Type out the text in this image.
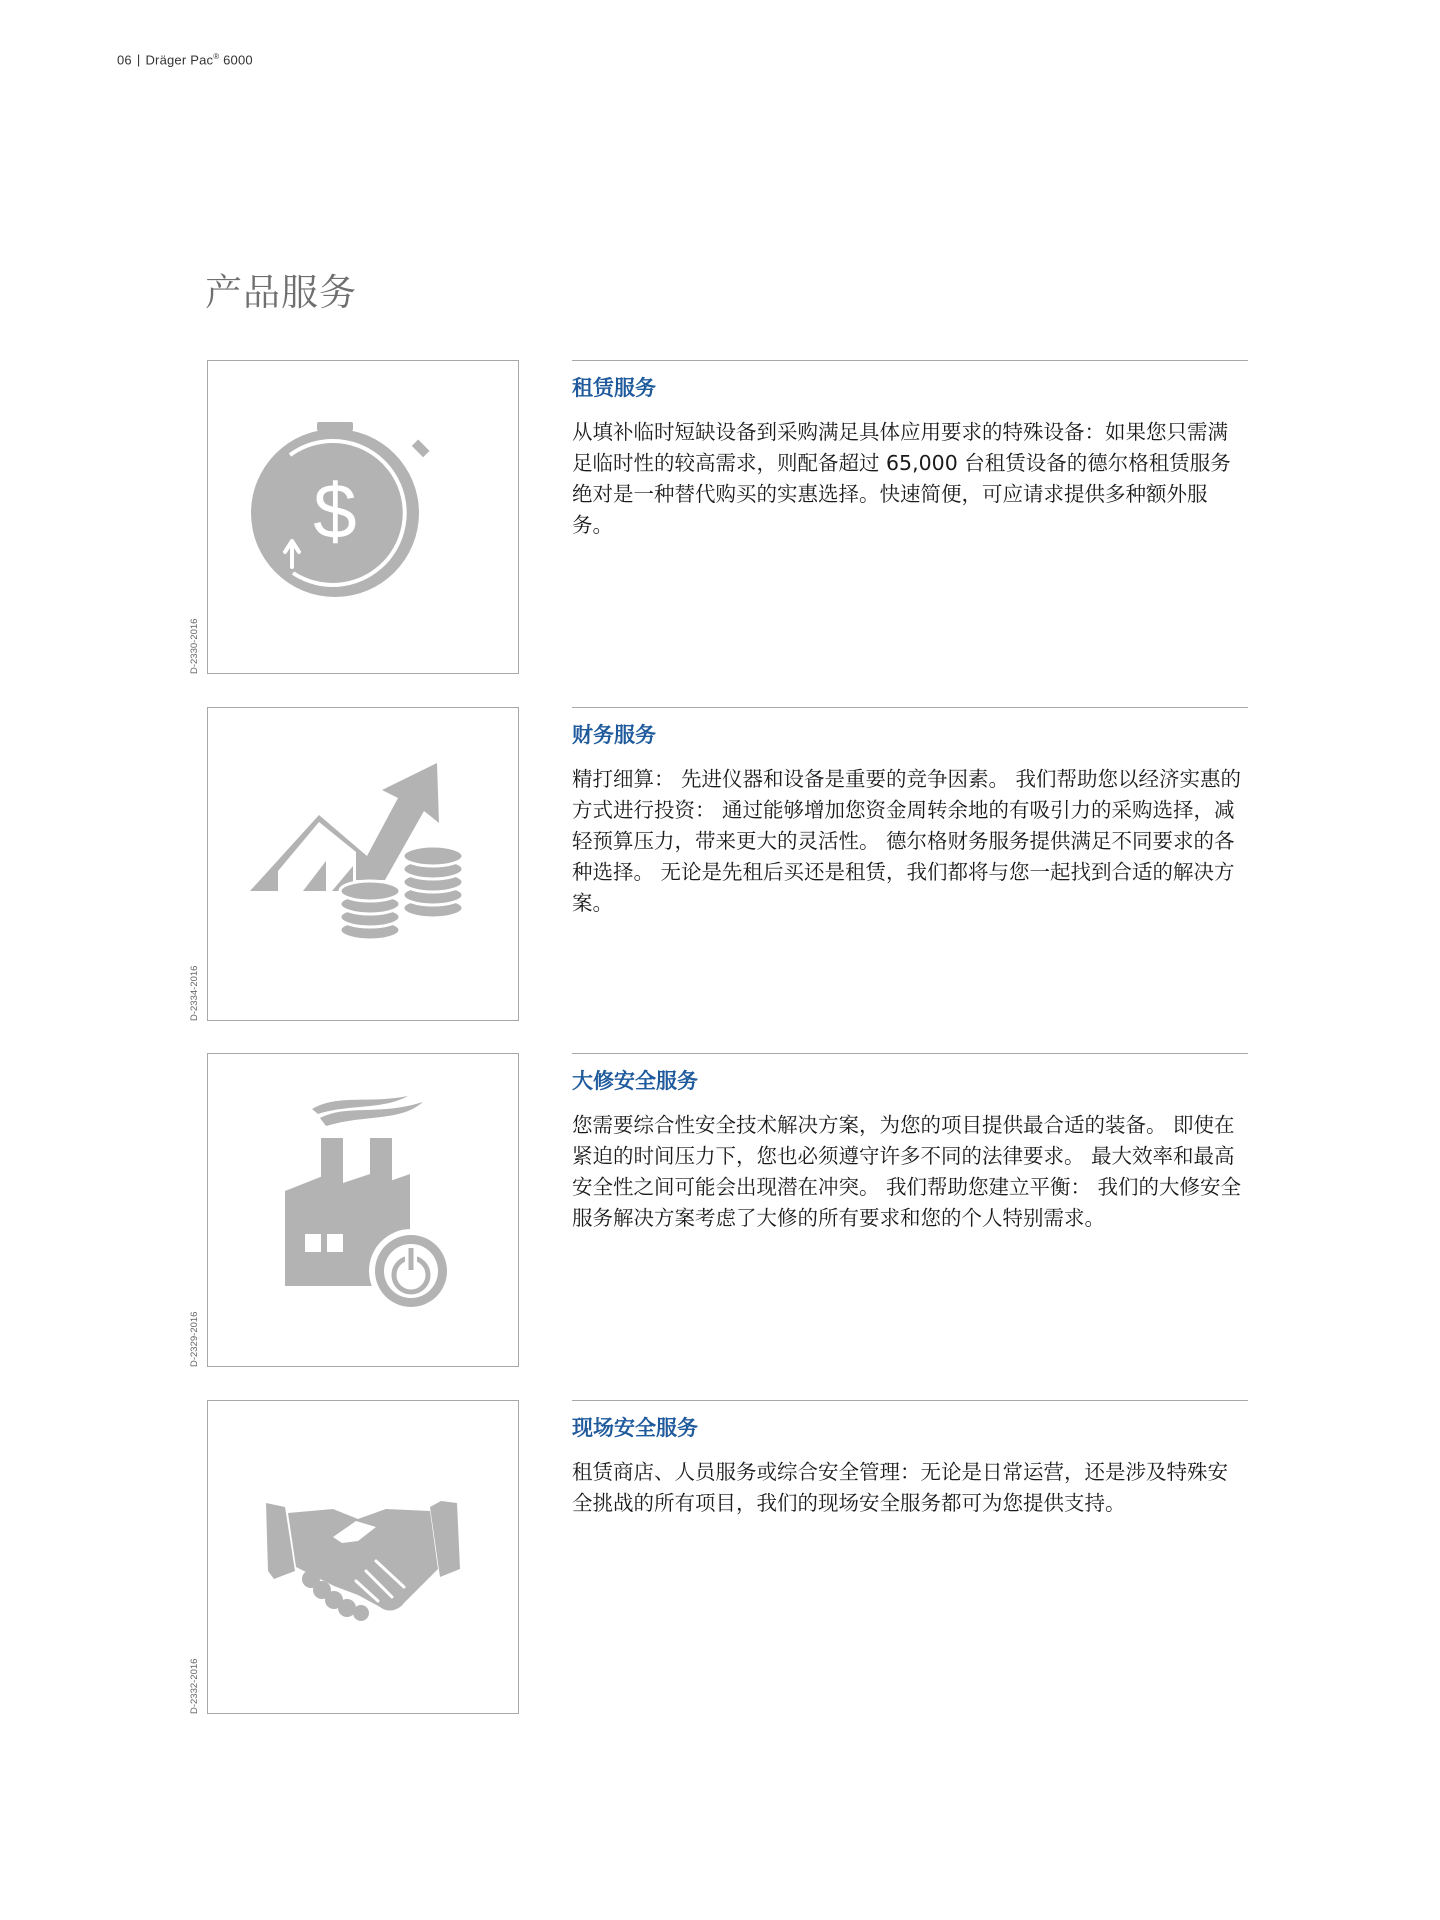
06 | Dräger Pac® 6000
产品服务
D-2330-2016
$
租赁服务

从填补临时短缺设备到采购满足具体应用要求的特殊设备：如果您只需满足临时性的较高需求，则配备超过 65,000 台租赁设备的德尔格租赁服务绝对是一种替代购买的实惠选择。快速简便，可应请求提供多种额外服务。

D-2334-2016
财务服务

精打细算： 先进仪器和设备是重要的竞争因素。 我们帮助您以经济实惠的方式进行投资： 通过能够增加您资金周转余地的有吸引力的采购选择，减轻预算压力，带来更大的灵活性。 德尔格财务服务提供满足不同要求的各种选择。 无论是先租后买还是租赁，我们都将与您一起找到合适的解决方案。

D-2329-2016
大修安全服务

您需要综合性安全技术解决方案，为您的项目提供最合适的装备。 即使在紧迫的时间压力下，您也必须遵守许多不同的法律要求。 最大效率和最高安全性之间可能会出现潜在冲突。 我们帮助您建立平衡： 我们的大修安全服务解决方案考虑了大修的所有要求和您的个人特别需求。

D-2332-2016
现场安全服务

租赁商店、人员服务或综合安全管理：无论是日常运营，还是涉及特殊安全挑战的所有项目，我们的现场安全服务都可为您提供支持。
